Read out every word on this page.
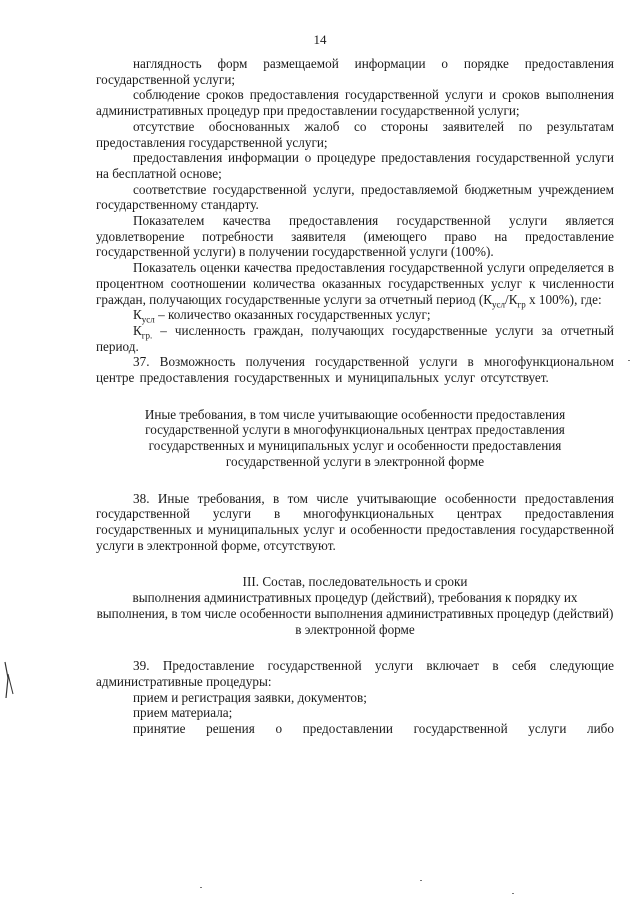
14

наглядность форм размещаемой информации о порядке предоставления государственной услуги;

соблюдение сроков предоставления государственной услуги и сроков выполнения административных процедур при предоставлении государственной услуги;

отсутствие обоснованных жалоб со стороны заявителей по результатам предоставления государственной услуги;

предоставления информации о процедуре предоставления государственной услуги на бесплатной основе;

соответствие государственной услуги, предоставляемой бюджетным учреждением государственному стандарту.

Показателем качества предоставления государственной услуги является удовлетворение потребности заявителя (имеющего право на предоставление государственной услуги) в получении государственной услуги (100%).

Показатель оценки качества предоставления государственной услуги определяется в процентном соотношении количества оказанных государственных услуг к численности граждан, получающих государственные услуги за отчетный период ($К_{усл}/К_{гр}$ х 100%), где:

$К_{усл}$ – количество оказанных государственных услуг;

$К_{гр.}$ – численность граждан, получающих государственные услуги за отчетный период.

37. Возможность получения государственной услуги в многофункциональном центре предоставления государственных и муниципальных услуг отсутствует.

Иные требования, в том числе учитывающие особенности предоставления государственной услуги в многофункциональных центрах предоставления государственных и муниципальных услуг и особенности предоставления государственной услуги в электронной форме

38. Иные требования, в том числе учитывающие особенности предоставления государственной услуги в многофункциональных центрах предоставления государственных и муниципальных услуг и особенности предоставления государственной услуги в электронной форме, отсутствуют.

III. Состав, последовательность и сроки

выполнения административных процедур (действий), требования к порядку их выполнения, в том числе особенности выполнения административных процедур (действий) в электронной форме

39. Предоставление государственной услуги включает в себя следующие административные процедуры:

прием и регистрация заявки, документов;

прием материала;

принятие решения о предоставлении государственной услуги либо
